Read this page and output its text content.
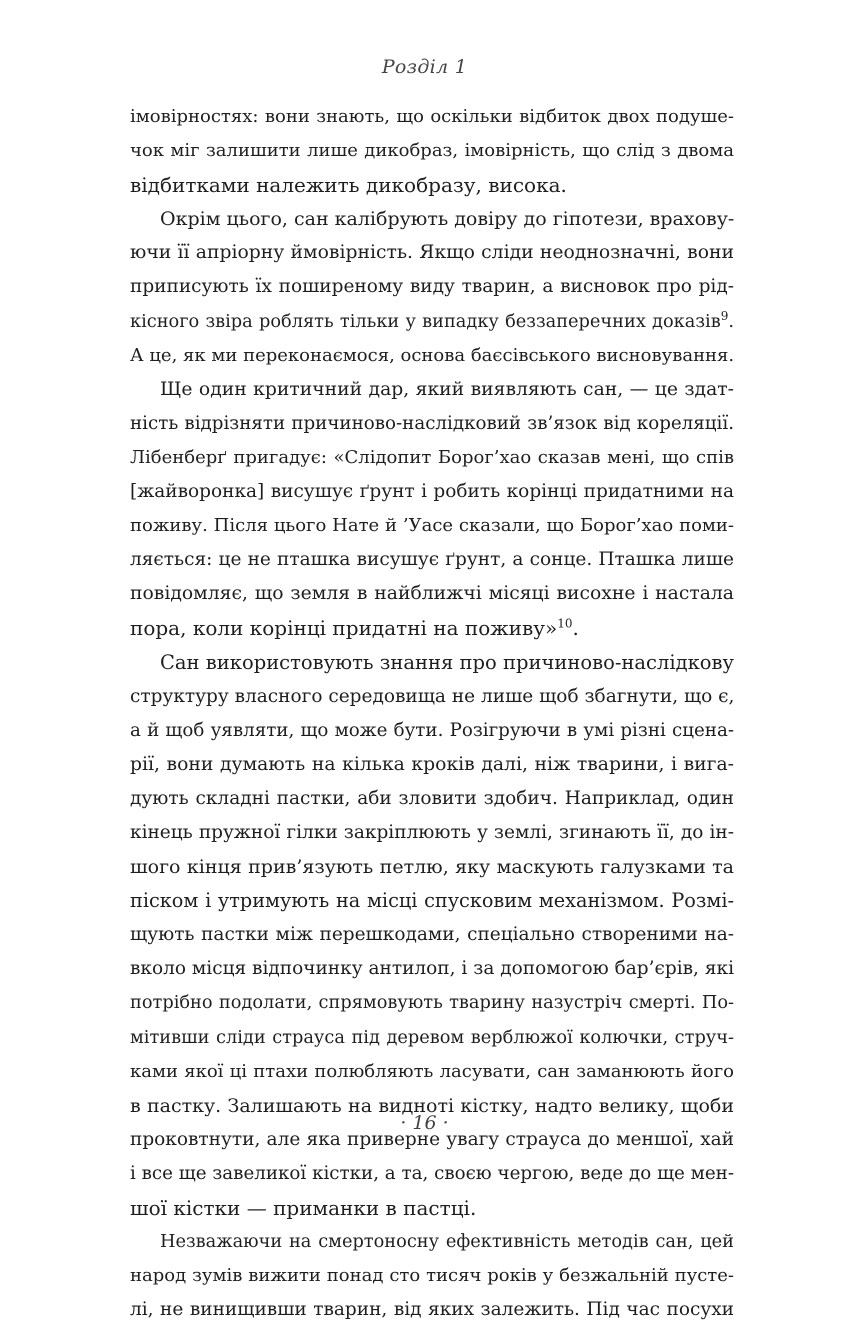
Розділ 1
імовірностях: вони знають, що оскільки відбиток двох подуше-
чок міг залишити лише дикобраз, імовірність, що слід з двома
відбитками належить дикобразу, висока.
Окрім цього, сан калібрують довіру до гіпотези, врахову-
ючи її апріорну ймовірність. Якщо сліди неоднозначні, вони
приписують їх поширеному виду тварин, а висновок про рід-
кісного звіра роблять тільки у випадку беззаперечних доказів$^9$.
А це, як ми переконаємося, основа баєсівського висновування.
Ще один критичний дар, який виявляють сан, — це здат-
ність відрізняти причиново-наслідковий зв’язок від кореляції.
Лібенберґ пригадує: «Слідопит Борог’хао сказав мені, що спів
[жайворонка] висушує ґрунт і робить корінці придатними на
поживу. Після цього Нате й ’Уасе сказали, що Борог’хао поми-
ляється: це не пташка висушує ґрунт, а сонце. Пташка лише
повідомляє, що земля в найближчі місяці висохне і настала
пора, коли корінці придатні на поживу»$^{10}$.
Сан використовують знання про причиново-наслідкову
структуру власного середовища не лише щоб збагнути, що є,
а й щоб уявляти, що може бути. Розігруючи в умі різні сцена-
рії, вони думають на кілька кроків далі, ніж тварини, і вига-
дують складні пастки, аби зловити здобич. Наприклад, один
кінець пружної гілки закріплюють у землі, згинають її, до ін-
шого кінця прив’язують петлю, яку маскують галузками та
піском і утримують на місці спусковим механізмом. Розмі-
щують пастки між перешкодами, спеціально створеними на-
вколо місця відпочинку антилоп, і за допомогою бар’єрів, які
потрібно подолати, спрямовують тварину назустріч смерті. По-
мітивши сліди страуса під деревом верблюжої колючки, струч-
ками якої ці птахи полюбляють ласувати, сан заманюють його
в пастку. Залишають на видноті кістку, надто велику, щоби
проковтнути, але яка приверне увагу страуса до меншої, хай
і все ще завеликої кістки, а та, своєю чергою, веде до ще мен-
шої кістки — приманки в пастці.
Незважаючи на смертоносну ефективність методів сан, цей
народ зумів вижити понад сто тисяч років у безжальній пусте-
лі, не винищивши тварин, від яких залежить. Під час посухи
· 16 ·
